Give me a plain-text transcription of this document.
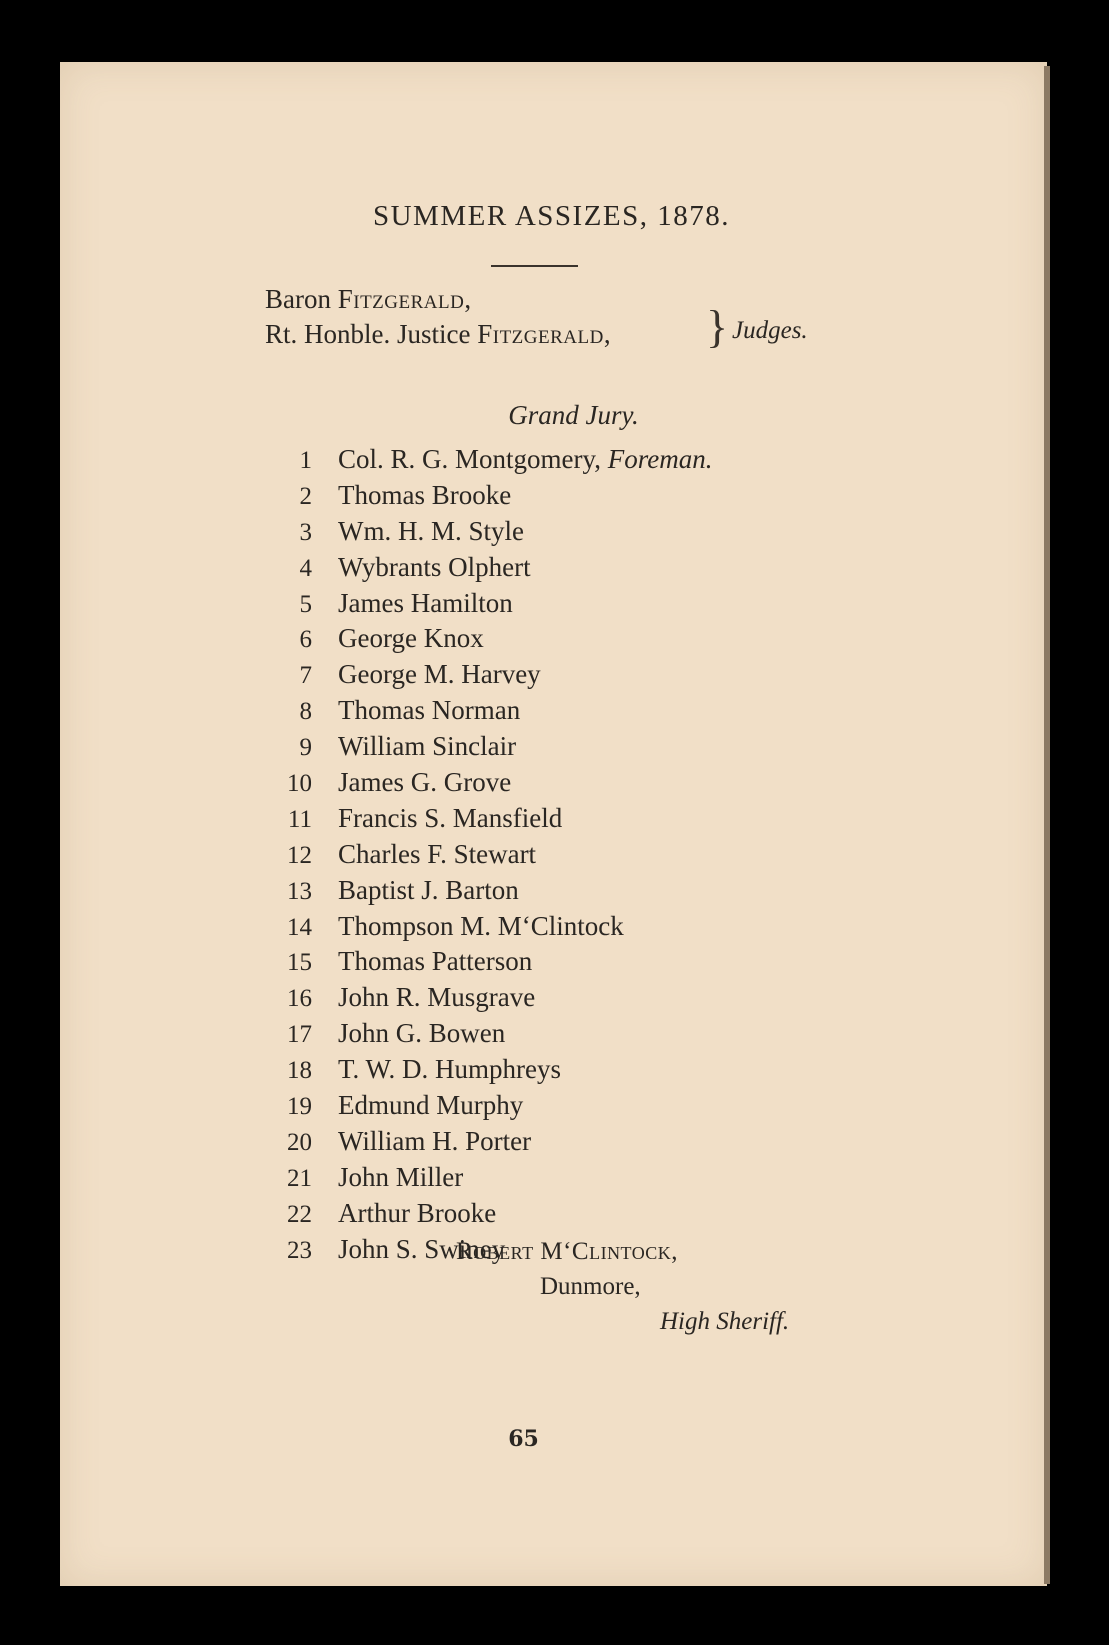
SUMMER ASSIZES, 1878.
Baron Fitzgerald,
Rt. Honble. Justice Fitzgerald, } Judges.
Grand Jury.
1 Col. R. G. Montgomery, Foreman.
2 Thomas Brooke
3 Wm. H. M. Style
4 Wybrants Olphert
5 James Hamilton
6 George Knox
7 George M. Harvey
8 Thomas Norman
9 William Sinclair
10 James G. Grove
11 Francis S. Mansfield
12 Charles F. Stewart
13 Baptist J. Barton
14 Thompson M. M‘Clintock
15 Thomas Patterson
16 John R. Musgrave
17 John G. Bowen
18 T. W. D. Humphreys
19 Edmund Murphy
20 William H. Porter
21 John Miller
22 Arthur Brooke
23 John S. Swiney
Robert M‘Clintock,
Dunmore,
High Sheriff.
65
